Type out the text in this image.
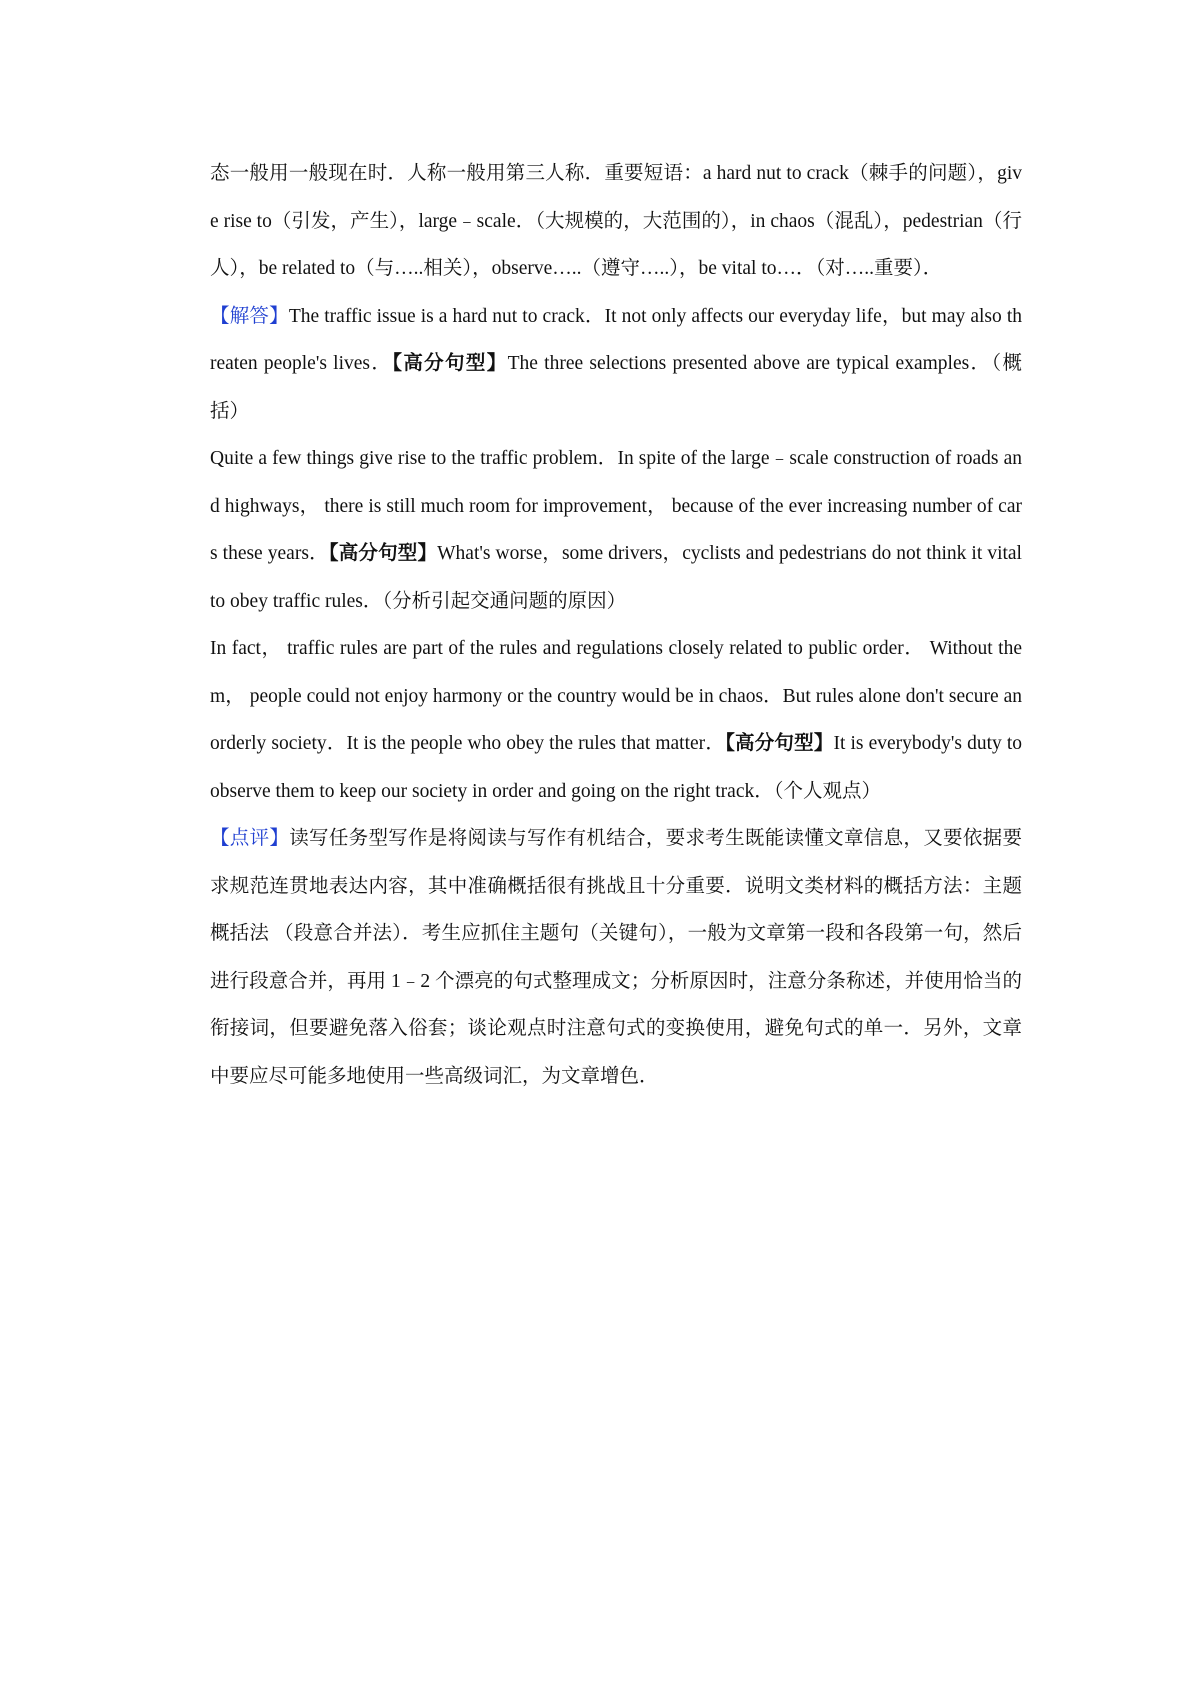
态一般用一般现在时．人称一般用第三人称．重要短语：a hard nut to crack（棘手的问题），give rise to（引发，产生），large﹣scale．（大规模的，大范围的），in chaos（混乱），pedestrian（行人），be related to（与…..相关），observe…..（遵守…..），be vital to…．（对…..重要）．

【解答】The traffic issue is a hard nut to crack．It not only affects our everyday life，but may also threaten people's lives．【高分句型】The three selections presented above are typical examples．（概括）

Quite a few things give rise to the traffic problem．In spite of the large﹣scale construction of roads and highways， there is still much room for improvement， because of the ever increasing number of cars these years．【高分句型】What's worse，some drivers，cyclists and pedestrians do not think it vital to obey traffic rules．（分析引起交通问题的原因）

In fact， traffic rules are part of the rules and regulations closely related to public order． Without them， people could not enjoy harmony or the country would be in chaos．But rules alone don't secure an orderly society．It is the people who obey the rules that matter．【高分句型】It is everybody's duty to observe them to keep our society in order and going on the right track．（个人观点）

【点评】读写任务型写作是将阅读与写作有机结合，要求考生既能读懂文章信息，又要依据要求规范连贯地表达内容，其中准确概括很有挑战且十分重要．说明文类材料的概括方法：主题概括法 （段意合并法）．考生应抓住主题句（关键句），一般为文章第一段和各段第一句，然后进行段意合并，再用 1﹣2 个漂亮的句式整理成文；分析原因时，注意分条称述，并使用恰当的衔接词，但要避免落入俗套；谈论观点时注意句式的变换使用，避免句式的单一．另外，文章中要应尽可能多地使用一些高级词汇，为文章增色．
